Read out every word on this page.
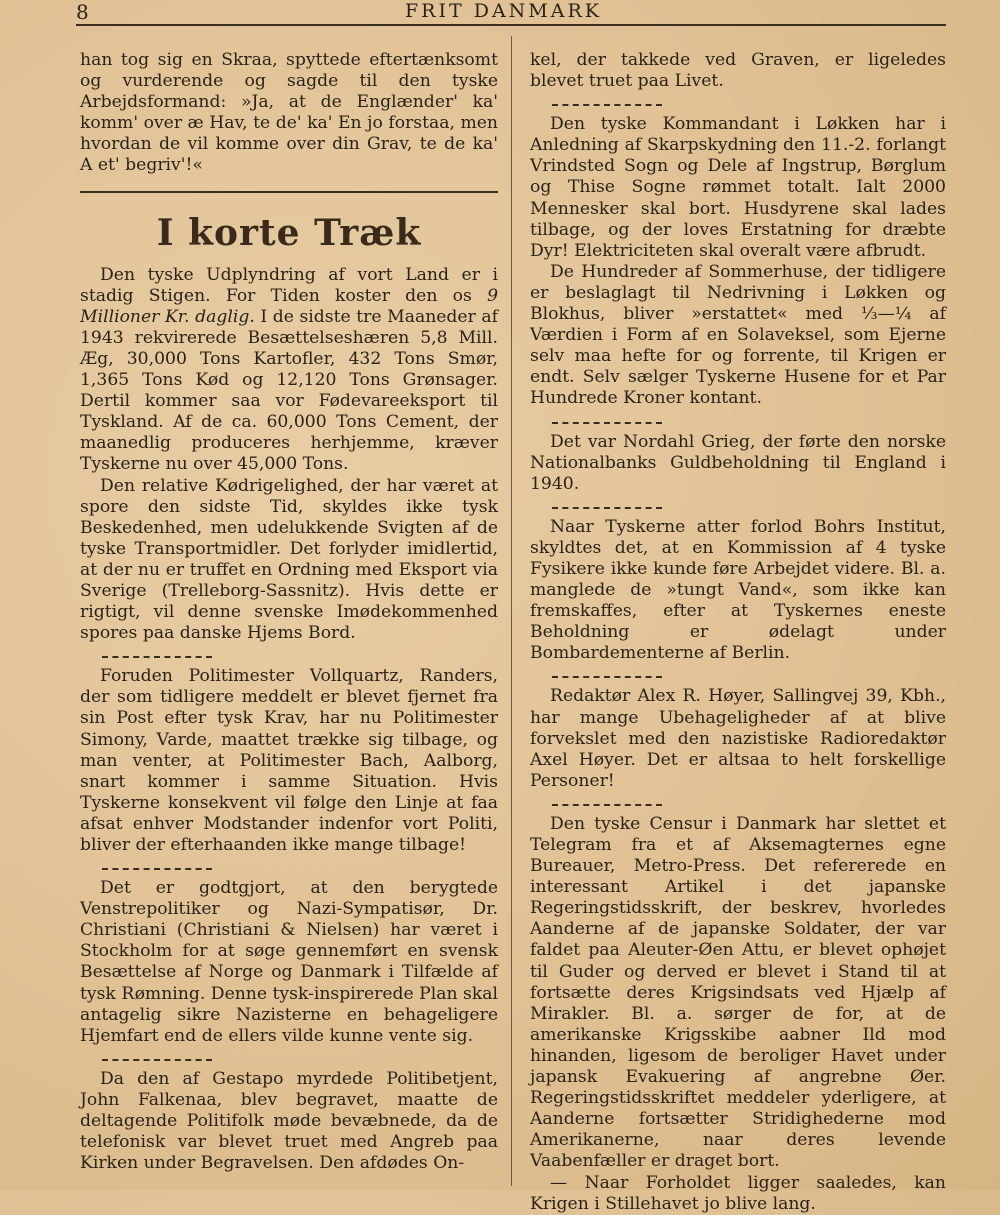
8	FRIT DANMARK

han tog sig en Skraa, spyttede eftertænksomt og vurderende og sagde til den tyske Arbejdsformand: »Ja, at de Englænder' ka' komm' over æ Hav, te de' ka' En jo forstaa, men hvordan de vil komme over din Grav, te de ka' A et' begriv'!«

I korte Træk

Den tyske Udplyndring af vort Land er i stadig Stigen. For Tiden koster den os 9 Millioner Kr. daglig. I de sidste tre Maaneder af 1943 rekvirerede Besættelseshæren 5,8 Mill. Æg, 30,000 Tons Kartofler, 432 Tons Smør, 1,365 Tons Kød og 12,120 Tons Grønsager. Dertil kommer saa vor Fødevareeksport til Tyskland. Af de ca. 60,000 Tons Cement, der maanedlig produceres herhjemme, kræver Tyskerne nu over 45,000 Tons.

Den relative Kødrigelighed, der har været at spore den sidste Tid, skyldes ikke tysk Beskedenhed, men udelukkende Svigten af de tyske Transportmidler. Det forlyder imidlertid, at der nu er truffet en Ordning med Eksport via Sverige (Trelleborg-Sassnitz). Hvis dette er rigtigt, vil denne svenske Imødekommenhed spores paa danske Hjems Bord.

Foruden Politimester Vollquartz, Randers, der som tidligere meddelt er blevet fjernet fra sin Post efter tysk Krav, har nu Politimester Simony, Varde, maattet trække sig tilbage, og man venter, at Politimester Bach, Aalborg, snart kommer i samme Situation. Hvis Tyskerne konsekvent vil følge den Linje at faa afsat enhver Modstander indenfor vort Politi, bliver der efterhaanden ikke mange tilbage!

Det er godtgjort, at den berygtede Venstrepolitiker og Nazi-Sympatisør, Dr. Christiani (Christiani & Nielsen) har været i Stockholm for at søge gennemført en svensk Besættelse af Norge og Danmark i Tilfælde af tysk Rømning. Denne tysk-inspirerede Plan skal antagelig sikre Nazisterne en behageligere Hjemfart end de ellers vilde kunne vente sig.

Da den af Gestapo myrdede Politibetjent, John Falkenaa, blev begravet, maatte de deltagende Politifolk møde bevæbnede, da de telefonisk var blevet truet med Angreb paa Kirken under Begravelsen. Den afdødes On-

kel, der takkede ved Graven, er ligeledes blevet truet paa Livet.

Den tyske Kommandant i Løkken har i Anledning af Skarpskydning den 11.-2. forlangt Vrindsted Sogn og Dele af Ingstrup, Børglum og Thise Sogne rømmet totalt. Ialt 2000 Mennesker skal bort. Husdyrene skal lades tilbage, og der loves Erstatning for dræbte Dyr! Elektriciteten skal overalt være afbrudt.

De Hundreder af Sommerhuse, der tidligere er beslaglagt til Nedrivning i Løkken og Blokhus, bliver »erstattet« med ⅓—¼ af Værdien i Form af en Solaveksel, som Ejerne selv maa hefte for og forrente, til Krigen er endt. Selv sælger Tyskerne Husene for et Par Hundrede Kroner kontant.

Det var Nordahl Grieg, der førte den norske Nationalbanks Guldbeholdning til England i 1940.

Naar Tyskerne atter forlod Bohrs Institut, skyldtes det, at en Kommission af 4 tyske Fysikere ikke kunde føre Arbejdet videre. Bl. a. manglede de »tungt Vand«, som ikke kan fremskaffes, efter at Tyskernes eneste Beholdning er ødelagt under Bombardementerne af Berlin.

Redaktør Alex R. Høyer, Sallingvej 39, Kbh., har mange Ubehageligheder af at blive forvekslet med den nazistiske Radioredaktør Axel Høyer. Det er altsaa to helt forskellige Personer!

Den tyske Censur i Danmark har slettet et Telegram fra et af Aksemagternes egne Bureauer, Metro-Press. Det refererede en interessant Artikel i det japanske Regeringstidsskrift, der beskrev, hvorledes Aanderne af de japanske Soldater, der var faldet paa Aleuter-Øen Attu, er blevet ophøjet til Guder og derved er blevet i Stand til at fortsætte deres Krigsindsats ved Hjælp af Mirakler. Bl. a. sørger de for, at de amerikanske Krigsskibe aabner Ild mod hinanden, ligesom de beroliger Havet under japansk Evakuering af angrebne Øer. Regeringstidsskriftet meddeler yderligere, at Aanderne fortsætter Stridighederne mod Amerikanerne, naar deres levende Vaabenfæller er draget bort.

— Naar Forholdet ligger saaledes, kan Krigen i Stillehavet jo blive lang.
